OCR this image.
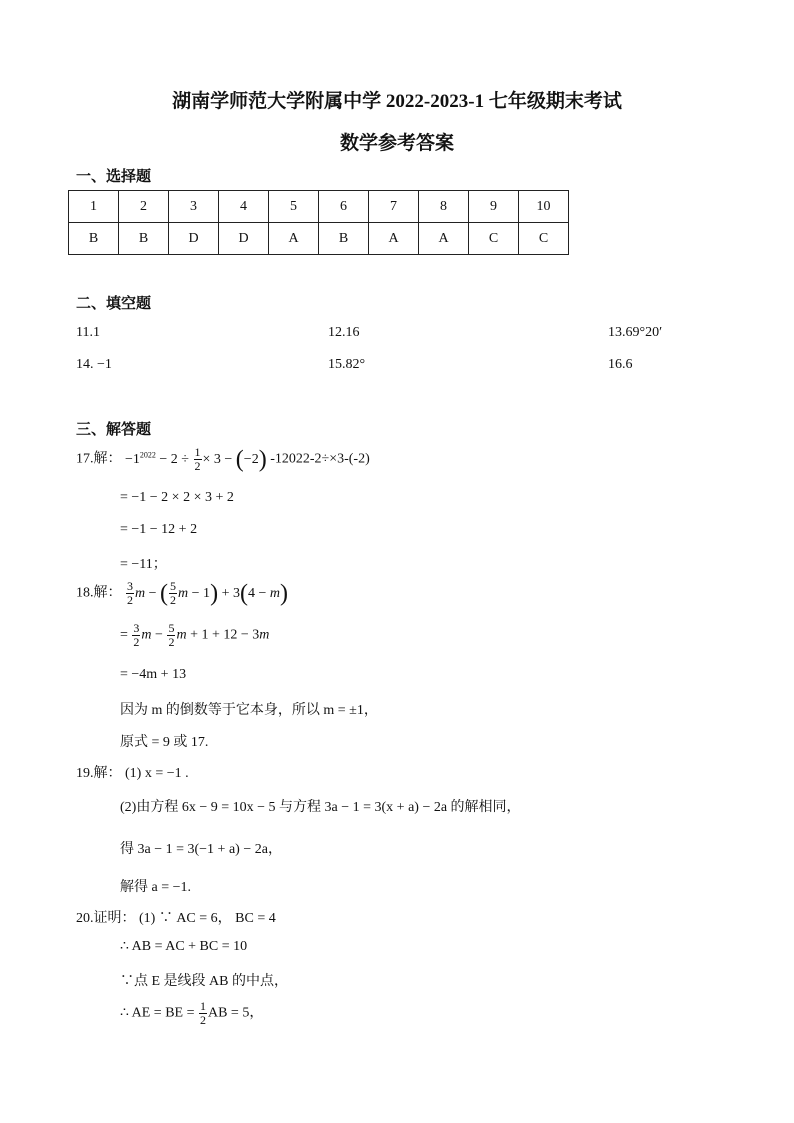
湖南学师范大学附属中学 2022-2023-1 七年级期末考试
数学参考答案
一、选择题
1	2	3	4	5	6	7	8	9	10
B	B	D	D	A	B	A	A	C	C
二、填空题
11.1	12.16	13.69°20′
14. −1	15.82°	16.6
三、解答题
17.解： $-1^{2022} - 2 \div \frac{1}{2} \times 3 - (-2)$ -12022-2÷×3-(-2)
= −1 − 2 × 2 × 3 + 2
= −1 − 12 + 2
= −11；
18.解： $\frac{3}{2}$ m − ( $\frac{5}{2}$ m − 1) + 3(4 − m)
= $\frac{3}{2}$ $m - \frac{5}{2}$ m + 1 + 12 − 3m
= −4m + 13
因为 m 的倒数等于它本身，所以 m = ±1，
原式 = 9 或 17.
19.解： (1) x = −1 .
(2)由方程 6x − 9 = 10x − 5 与方程 3a − 1 = 3(x + a) − 2a 的解相同，
得 3a − 1 = 3(−1 + a) − 2a，
解得 a = −1.
20.证明： (1) ∵ AC = 6， BC = 4
∴ AB = AC + BC = 10
∵点 E 是线段 AB 的中点，
∴ AE = BE = $\frac{1}{2}$ AB = 5，
